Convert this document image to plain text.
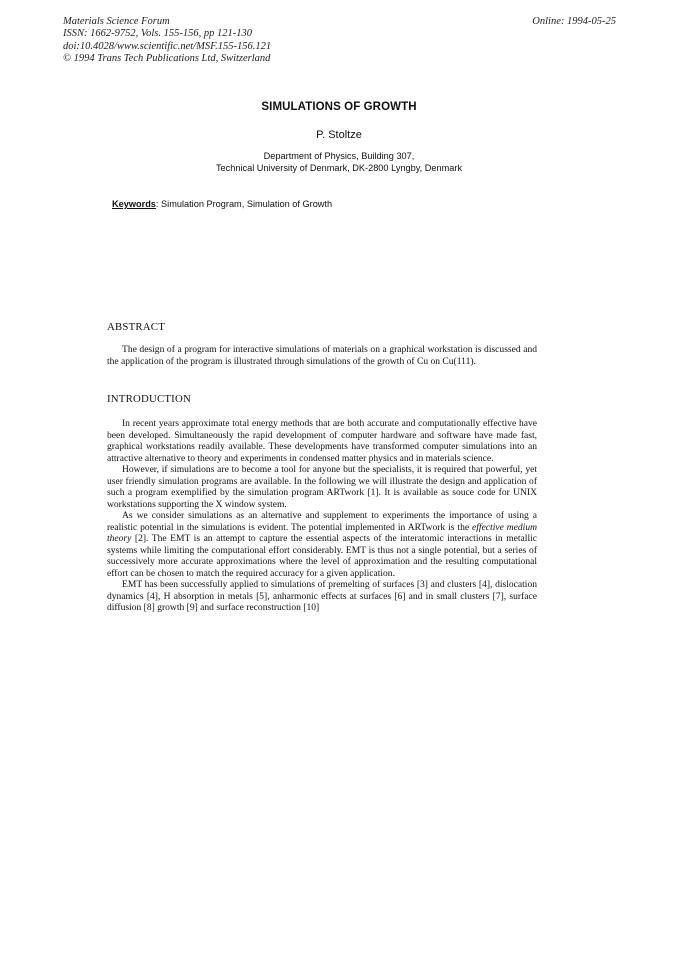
Materials Science Forum
ISSN: 1662-9752, Vols. 155-156, pp 121-130
doi:10.4028/www.scientific.net/MSF.155-156.121
© 1994 Trans Tech Publications Ltd, Switzerland
Online: 1994-05-25
SIMULATIONS OF GROWTH
P. Stoltze
Department of Physics, Building 307,
Technical University of Denmark, DK-2800 Lyngby, Denmark
Keywords: Simulation Program, Simulation of Growth
ABSTRACT

The design of a program for interactive simulations of materials on a graphical workstation is discussed and the application of the program is illustrated through simulations of the growth of Cu on Cu(111).

INTRODUCTION

In recent years approximate total energy methods that are both accurate and computationally effective have been developed. Simultaneously the rapid development of computer hardware and software have made fast, graphical workstations readily available. These developments have transformed computer simulations into an attractive alternative to theory and experiments in condensed matter physics and in materials science.

However, if simulations are to become a tool for anyone but the specialists, it is required that powerful, yet user friendly simulation programs are available. In the following we will illustrate the design and application of such a program exemplified by the simulation program ARTwork [1]. It is available as souce code for UNIX workstations supporting the X window system.

As we consider simulations as an alternative and supplement to experiments the importance of using a realistic potential in the simulations is evident. The potential implemented in ARTwork is the effective medium theory [2]. The EMT is an attempt to capture the essential aspects of the interatomic interactions in metallic systems while limiting the computational effort considerably. EMT is thus not a single potential, but a series of successively more accurate approximations where the level of approximation and the resulting computational effort can be chosen to match the required accuracy for a given application.

EMT has been successfully applied to simulations of premelting of surfaces [3] and clusters [4], dislocation dynamics [4], H absorption in metals [5], anharmonic effects at surfaces [6] and in small clusters [7], surface diffusion [8] growth [9] and surface reconstruction [10]
